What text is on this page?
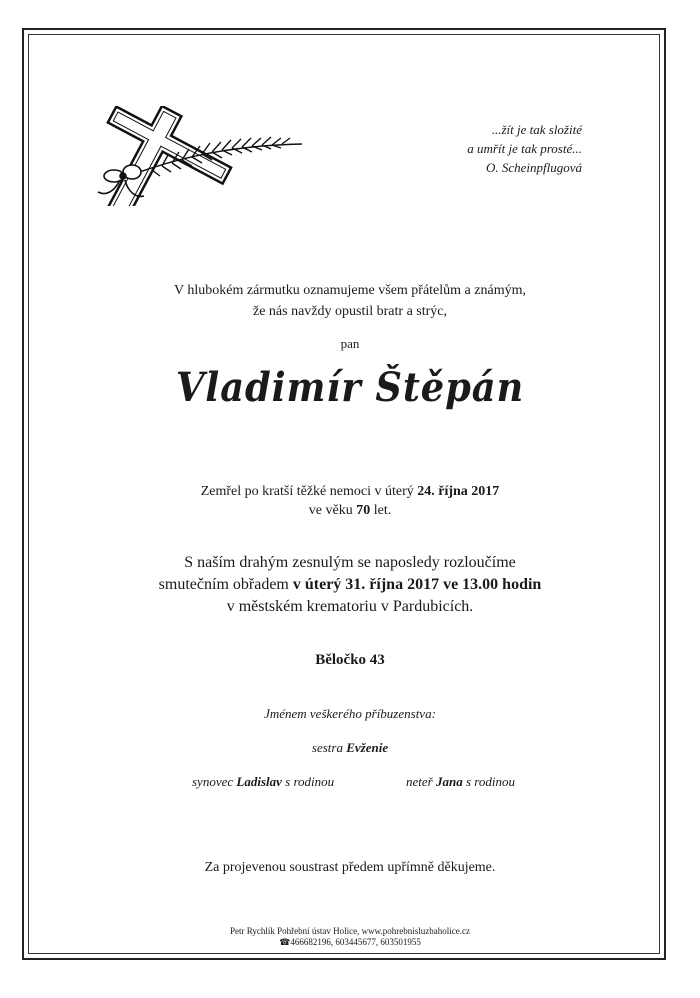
...žít je tak složité
a umřít je tak prosté...
O. Scheinpflugová
V hlubokém zármutku oznamujeme všem přátelům a známým,
že nás navždy opustil bratr a strýc,
pan
Vladimír Štěpán
Zemřel po kratší těžké nemoci v úterý 24. října 2017
ve věku 70 let.
S naším drahým zesnulým se naposledy rozloučíme
smutečním obřadem v úterý 31. října 2017 ve 13.00 hodin
v městském krematoriu v Pardubicích.
Běločko 43
Jménem veškerého příbuzenstva:
sestra Evženie
synovec Ladislav s rodinou	neteř Jana s rodinou
Za projevenou soustrast předem upřímně děkujeme.
Petr Rychlík Pohřební ústav Holice, www.pohrebnisluzbaholice.cz
☎466682196, 603445677, 603501955
